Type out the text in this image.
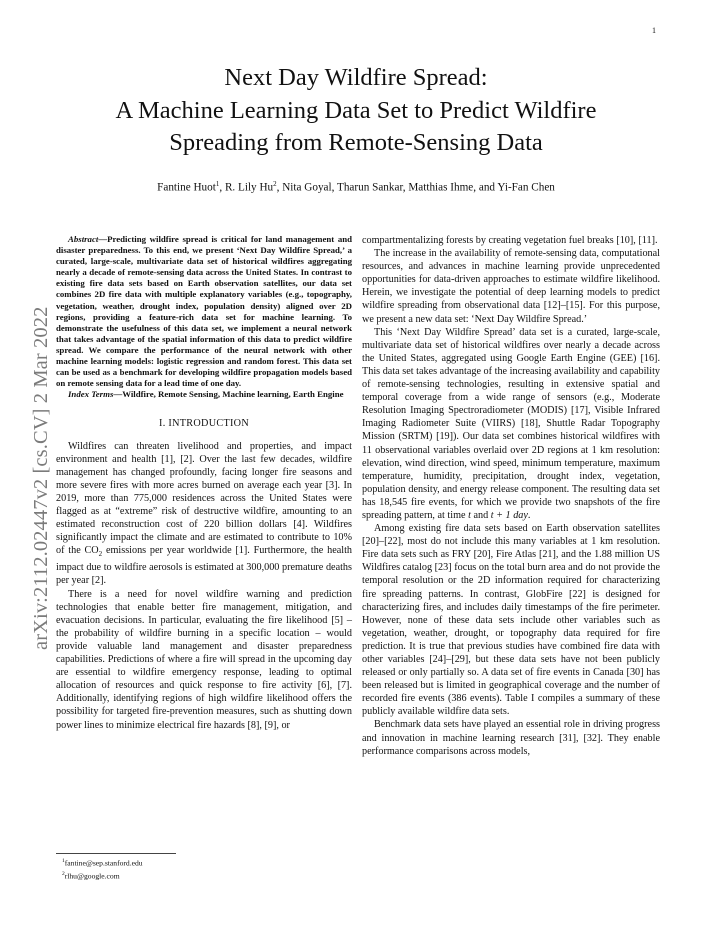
1
arXiv:2112.02447v2 [cs.CV] 2 Mar 2022
Next Day Wildfire Spread:
A Machine Learning Data Set to Predict Wildfire
Spreading from Remote-Sensing Data
Fantine Huot$^1$, R. Lily Hu$^2$, Nita Goyal, Tharun Sankar, Matthias Ihme, and Yi-Fan Chen

Abstract—Predicting wildfire spread is critical for land management and disaster preparedness. To this end, we present ‘Next Day Wildfire Spread,’ a curated, large-scale, multivariate data set of historical wildfires aggregating nearly a decade of remote-sensing data across the United States. In contrast to existing fire data sets based on Earth observation satellites, our data set combines 2D fire data with multiple explanatory variables (e.g., topography, vegetation, weather, drought index, population density) aligned over 2D regions, providing a feature-rich data set for machine learning. To demonstrate the usefulness of this data set, we implement a neural network that takes advantage of the spatial information of this data to predict wildfire spread. We compare the performance of the neural network with other machine learning models: logistic regression and random forest. This data set can be used as a benchmark for developing wildfire propagation models based on remote sensing data for a lead time of one day.

Index Terms—Wildfire, Remote Sensing, Machine learning, Earth Engine

I. INTRODUCTION

Wildfires can threaten livelihood and properties, and impact environment and health [1], [2]. Over the last few decades, wildfire management has changed profoundly, facing longer fire seasons and more severe fires with more acres burned on average each year [3]. In 2019, more than 775,000 residences across the United States were flagged as at “extreme” risk of destructive wildfire, amounting to an estimated reconstruction cost of 220 billion dollars [4]. Wildfires significantly impact the climate and are estimated to contribute to 10% of the $CO_2$ emissions per year worldwide [1]. Furthermore, the health impact due to wildfire aerosols is estimated at 300,000 premature deaths per year [2].

There is a need for novel wildfire warning and prediction technologies that enable better fire management, mitigation, and evacuation decisions. In particular, evaluating the fire likelihood [5] – the probability of wildfire burning in a specific location – would provide valuable land management and disaster preparedness capabilities. Predictions of where a fire will spread in the upcoming day are essential to wildfire emergency response, leading to optimal allocation of resources and quick response to fire activity [6], [7]. Additionally, identifying regions of high wildfire likelihood offers the possibility for targeted fire-prevention measures, such as shutting down power lines to minimize electrical fire hazards [8], [9], or

compartmentalizing forests by creating vegetation fuel breaks [10], [11].

The increase in the availability of remote-sensing data, computational resources, and advances in machine learning provide unprecedented opportunities for data-driven approaches to estimate wildfire likelihood. Herein, we investigate the potential of deep learning models to predict wildfire spreading from observational data [12]–[15]. For this purpose, we present a new data set: ‘Next Day Wildfire Spread.’

This ‘Next Day Wildfire Spread’ data set is a curated, large-scale, multivariate data set of historical wildfires over nearly a decade across the United States, aggregated using Google Earth Engine (GEE) [16]. This data set takes advantage of the increasing availability and capability of remote-sensing technologies, resulting in extensive spatial and temporal coverage from a wide range of sensors (e.g., Moderate Resolution Imaging Spectroradiometer (MODIS) [17], Visible Infrared Imaging Radiometer Suite (VIIRS) [18], Shuttle Radar Topography Mission (SRTM) [19]). Our data set combines historical wildfires with 11 observational variables overlaid over 2D regions at 1 km resolution: elevation, wind direction, wind speed, minimum temperature, maximum temperature, humidity, precipitation, drought index, vegetation, population density, and energy release component. The resulting data set has 18,545 fire events, for which we provide two snapshots of the fire spreading pattern, at time t and t + 1 day.

Among existing fire data sets based on Earth observation satellites [20]–[22], most do not include this many variables at 1 km resolution. Fire data sets such as FRY [20], Fire Atlas [21], and the 1.88 million US Wildfires catalog [23] focus on the total burn area and do not provide the temporal resolution or the 2D information required for characterizing fire spreading patterns. In contrast, GlobFire [22] is designed for characterizing fires, and includes daily timestamps of the fire perimeter. However, none of these data sets include other variables such as vegetation, weather, drought, or topography data required for fire prediction. It is true that previous studies have combined fire data with other variables [24]–[29], but these data sets have not been publicly released or only partially so. A data set of fire events in Canada [30] has been released but is limited in geographical coverage and the number of recorded fire events (386 events). Table I compiles a summary of these publicly available wildfire data sets.

Benchmark data sets have played an essential role in driving progress and innovation in machine learning research [31], [32]. They enable performance comparisons across models,

$^1$fantine@sep.stanford.edu
$^2$rlhu@google.com
